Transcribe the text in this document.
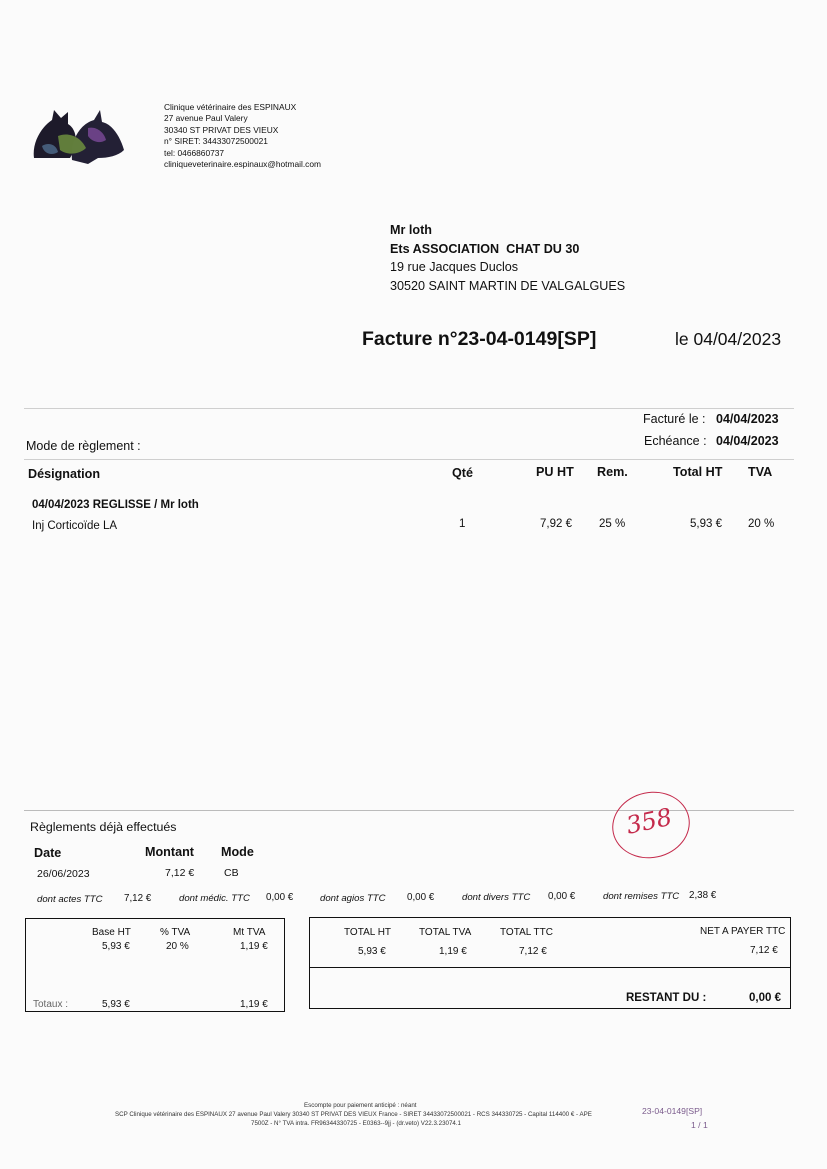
Clinique vétérinaire des ESPINAUX
27 avenue Paul Valery
30340 ST PRIVAT DES VIEUX
n° SIRET: 34433072500021
tel: 0466860737
cliniqueveterinaire.espinaux@hotmail.com
Mr loth
Ets ASSOCIATION  CHAT DU 30
19 rue Jacques Duclos
30520 SAINT MARTIN DE VALGALGUES
Facture n°23-04-0149[SP]	le 04/04/2023
Facturé le : 04/04/2023
Echéance : 04/04/2023
Mode de règlement :
Désignation	Qté	PU HT Rem.	Total HT TVA
04/04/2023 REGLISSE / Mr loth
Inj Corticoïde LA	1	7,92 € 25 %	5,93 € 20 %
Règlements déjà effectués
Date	Montant Mode
26/06/2023	7,12 €	CB
358
dont actes TTC 7,12 €	dont médic. TTC 0,00 €	dont agios TTC 0,00 €	dont divers TTC 0,00 €	dont remises TTC 2,38 €
Base HT	% TVA	Mt TVA
5,93 €	20 %	1,19 €
Totaux :	5,93 €	1,19 €
TOTAL HT	TOTAL TVA	TOTAL TTC	NET A PAYER TTC
5,93 €	1,19 €	7,12 €	7,12 €
RESTANT DU :	0,00 €
Escompte pour paiement anticipé : néant
SCP Clinique vétérinaire des ESPINAUX 27 avenue Paul Valery 30340 ST PRIVAT DES VIEUX France - SIRET 34433072500021 - RCS 344330725 - Capital 114400 € - APE
7500Z - N° TVA intra. FR96344330725 - E0363--9jj - (dr.veto) V22.3.23074.1
23-04-0149[SP]
1 / 1
